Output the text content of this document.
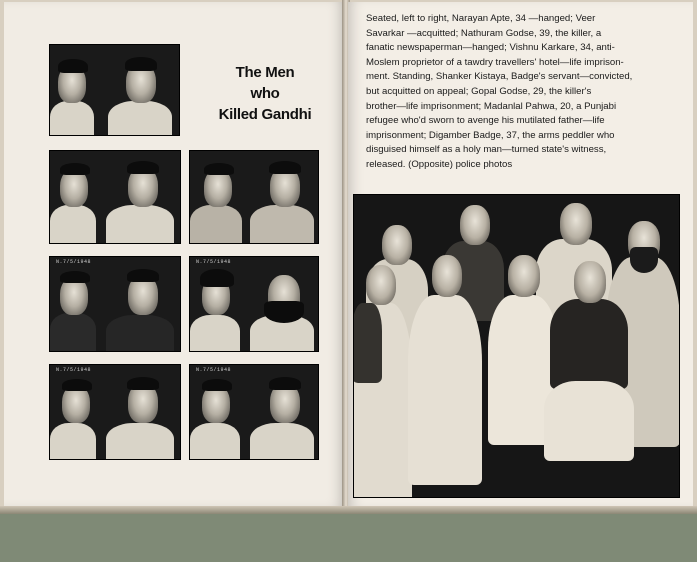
The Men
who
Killed Gandhi
N.7/5/1948	N.7/5/1948
N.7/5/1948	N.7/5/1948
Seated, left to right, Narayan Apte, 34 —hanged; Veer
Savarkar —acquitted; Nathuram Godse, 39, the killer, a
fanatic newspaperman—hanged; Vishnu Karkare, 34, anti-
Moslem proprietor of a tawdry travellers' hotel—life imprison-
ment. Standing, Shanker Kistaya, Badge's servant—convicted,
but acquitted on appeal; Gopal Godse, 29, the killer's
brother—life imprisonment; Madanlal Pahwa, 20, a Punjabi
refugee who'd sworn to avenge his mutilated father—life
imprisonment; Digamber Badge, 37, the arms peddler who
disguised himself as a holy man—turned state's witness,
released. (Opposite) police photos
